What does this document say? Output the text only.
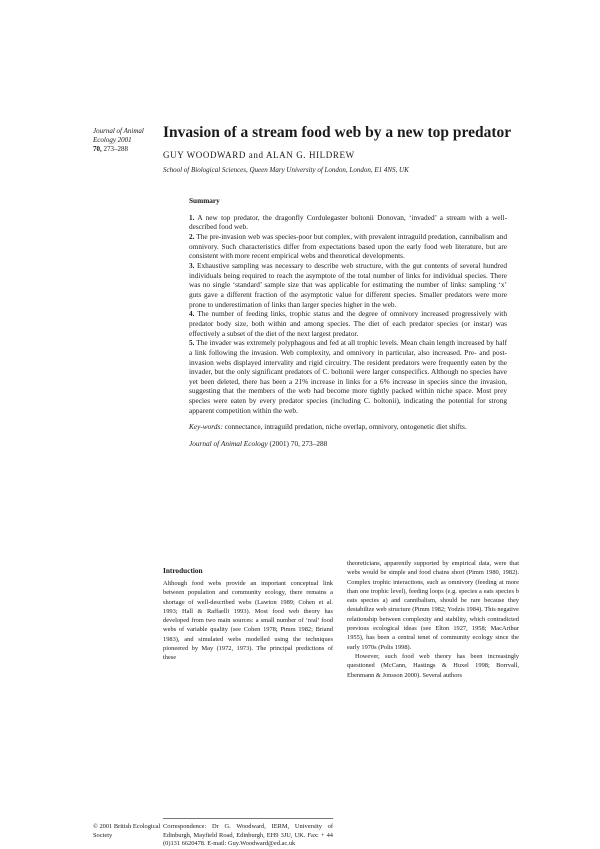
Journal of Animal
Ecology 2001
70, 273–288
Invasion of a stream food web by a new top predator
GUY WOODWARD and ALAN G. HILDREW
School of Biological Sciences, Queen Mary University of London, London, E1 4NS, UK
Summary

1. A new top predator, the dragonfly Cordulegaster boltonii Donovan, ‘invaded’ a stream with a well-described food web.

2. The pre-invasion web was species-poor but complex, with prevalent intraguild predation, cannibalism and omnivory. Such characteristics differ from expectations based upon the early food web literature, but are consistent with more recent empirical webs and theoretical developments.

3. Exhaustive sampling was necessary to describe web structure, with the gut contents of several hundred individuals being required to reach the asymptote of the total number of links for individual species. There was no single ‘standard’ sample size that was applicable for estimating the number of links: sampling ‘x’ guts gave a different fraction of the asymptotic value for different species. Smaller predators were more prone to underestimation of links than larger species higher in the web.

4. The number of feeding links, trophic status and the degree of omnivory increased progressively with predator body size, both within and among species. The diet of each predator species (or instar) was effectively a subset of the diet of the next largest predator.

5. The invader was extremely polyphagous and fed at all trophic levels. Mean chain length increased by half a link following the invasion. Web complexity, and omnivory in particular, also increased. Pre- and post-invasion webs displayed intervality and rigid circuitry. The resident predators were frequently eaten by the invader, but the only significant predators of C. boltonii were larger conspecifics. Although no species have yet been deleted, there has been a 21% increase in links for a 6% increase in species since the invasion, suggesting that the members of the web had become more tightly packed within niche space. Most prey species were eaten by every predator species (including C. boltonii), indicating the potential for strong apparent competition within the web.

Key-words: connectance, intraguild predation, niche overlap, omnivory, ontogenetic diet shifts.
Journal of Animal Ecology (2001) 70, 273–288
Introduction
Although food webs provide an important conceptual link between population and community ecology, there remains a shortage of well-described webs (Lawton 1989; Cohen et al. 1993; Hall & Raffaelli 1993). Most food web theory has developed from two main sources: a small number of ‘real’ food webs of variable quality (see Cohen 1978; Pimm 1982; Briand 1983), and simulated webs modelled using the techniques pioneered by May (1972, 1973). The principal predictions of these

theoreticians, apparently supported by empirical data, were that webs would be simple and food chains short (Pimm 1980, 1982). Complex trophic interactions, such as omnivory (feeding at more than one trophic level), feeding loops (e.g. species a eats species b eats species a) and cannibalism, should be rare because they destabilize web structure (Pimm 1982; Yodzis 1984). This negative relationship between complexity and stability, which contradicted previous ecological ideas (see Elton 1927, 1958; MacArthur 1955), has been a central tenet of community ecology since the early 1970s (Polis 1998).

However, such food web theory has been increasingly questioned (McCann, Hastings & Huxel 1998; Borrvall, Ebenmann & Jonsson 2000). Several authors

Correspondence: Dr G. Woodward, IERM, University of Edinburgh, Mayfield Road, Edinburgh, EH9 3JU, UK. Fax: + 44 (0)131 6620478. E-mail: Guy.Woodward@ed.ac.uk
© 2001 British Ecological Society
